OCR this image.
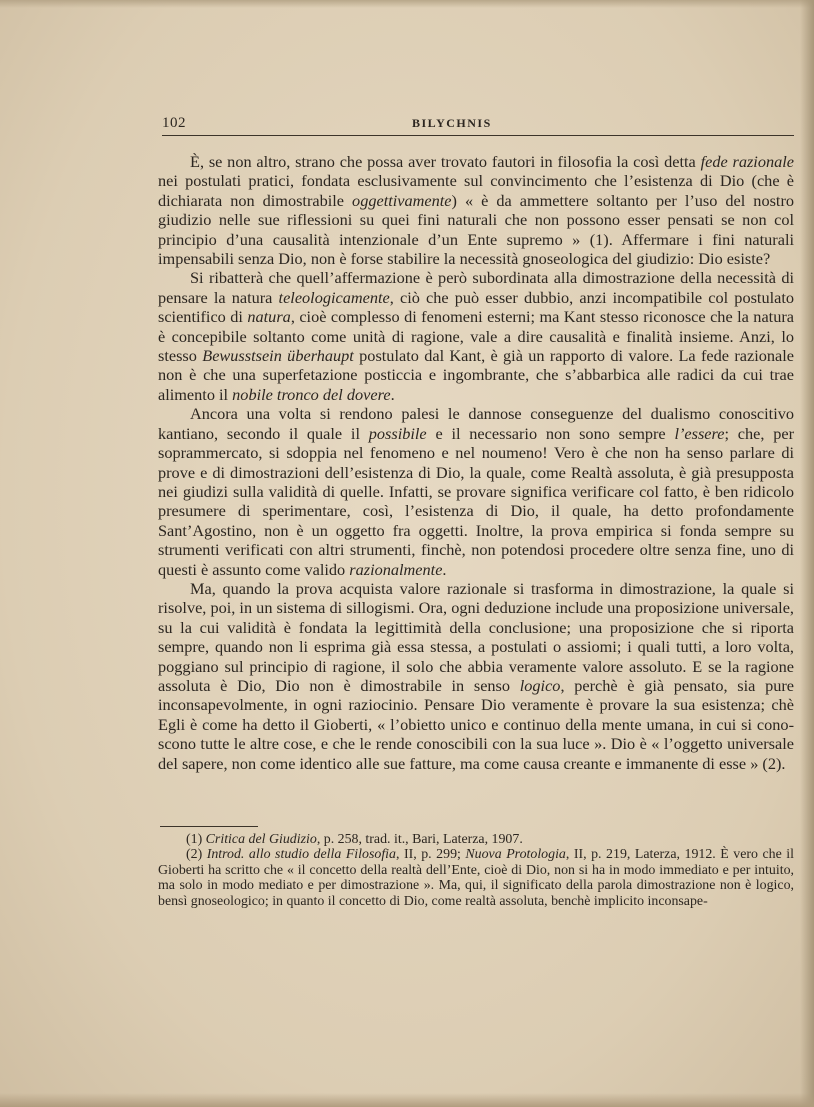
102	BILYCHNIS

È, se non altro, strano che possa aver trovato fautori in filosofia la così detta fede razionale nei postulati pratici, fondata esclusivamente sul convincimento che l’esistenza di Dio (che è dichiarata non dimostrabile oggettivamente) « è da ammettere soltanto per l’uso del nostro giudizio nelle sue riflessioni su quei fini naturali che non possono esser pensati se non col principio d’una causalità intenzionale d’un Ente supremo » (1). Affermare i fini naturali impensabili senza Dio, non è forse stabilire la necessità gnoseologica del giudizio: Dio esiste?

Si ribatterà che quell’affermazione è però subordinata alla dimostrazione della necessità di pensare la natura teleologicamente, ciò che può esser dubbio, anzi incompatibile col postulato scientifico di natura, cioè complesso di fenomeni esterni; ma Kant stesso riconosce che la natura è concepibile soltanto come unità di ragione, vale a dire causalità e finalità insieme. Anzi, lo stesso Bewusstsein überhaupt postulato dal Kant, è già un rapporto di valore. La fede razionale non è che una superfetazione posticcia e ingombrante, che s’abbarbica alle radici da cui trae alimento il nobile tronco del dovere.

Ancora una volta si rendono palesi le dannose conseguenze del dualismo conoscitivo kantiano, secondo il quale il possibile e il necessario non sono sempre l’essere; che, per soprammercato, si sdoppia nel fenomeno e nel noumeno! Vero è che non ha senso parlare di prove e di dimostrazioni dell’esistenza di Dio, la quale, come Realtà assoluta, è già presupposta nei giudizi sulla validità di quelle. Infatti, se provare significa verificare col fatto, è ben ridicolo presumere di sperimentare, così, l’esistenza di Dio, il quale, ha detto profondamente Sant’Agostino, non è un oggetto fra oggetti. Inoltre, la prova empirica si fonda sempre su strumenti verificati con altri strumenti, finchè, non potendosi procedere oltre senza fine, uno di questi è assunto come valido razionalmente.

Ma, quando la prova acquista valore razionale si trasforma in dimostrazione, la quale si risolve, poi, in un sistema di sillogismi. Ora, ogni deduzione include una proposizione universale, su la cui validità è fondata la legittimità della conclusione; una proposizione che si riporta sempre, quando non li esprima già essa stessa, a postulati o assiomi; i quali tutti, a loro volta, poggiano sul principio di ragione, il solo che abbia veramente valore assoluto. E se la ragione assoluta è Dio, Dio non è dimostrabile in senso logico, perchè è già pensato, sia pure inconsapevolmente, in ogni raziocinio. Pensare Dio veramente è provare la sua esistenza; chè Egli è come ha detto il Gioberti, « l’obietto unico e continuo della mente umana, in cui si conoscono tutte le altre cose, e che le rende conoscibili con la sua luce ». Dio è « l’oggetto universale del sapere, non come identico alle sue fatture, ma come causa creante e immanente di esse » (2).

(1) Critica del Giudizio, p. 258, trad. it., Bari, Laterza, 1907.

(2) Introd. allo studio della Filosofia, II, p. 299; Nuova Protologia, II, p. 219, Laterza, 1912. È vero che il Gioberti ha scritto che « il concetto della realtà dell’Ente, cioè di Dio, non si ha in modo immediato e per intuito, ma solo in modo mediato e per dimostrazione ». Ma, qui, il significato della parola dimostrazione non è logico, bensì gnoseologico; in quanto il concetto di Dio, come realtà assoluta, benchè implicito inconsape-
